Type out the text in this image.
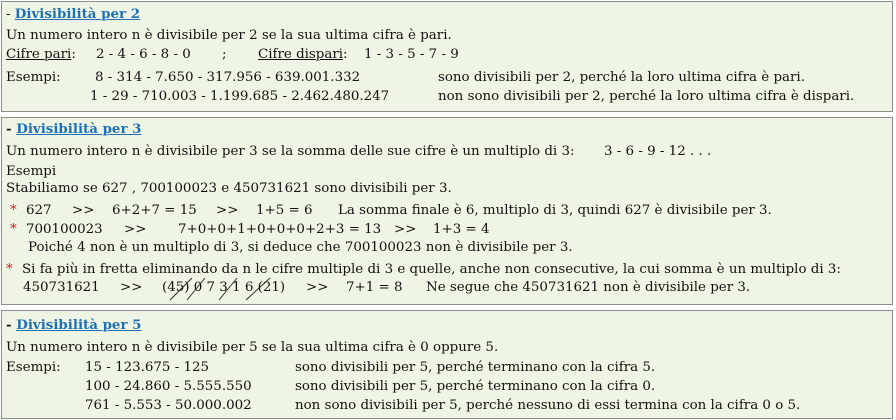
- Divisibilità per 2
Un numero intero n è divisibile per 2 se la sua ultima cifra è pari.
Cifre pari: 2 - 4 - 6 - 8 - 0 ; Cifre dispari: 1 - 3 - 5 - 7 - 9
Esempi:	8 - 314 - 7.650 - 317.956 - 639.001.332	sono divisibili per 2, perché la loro ultima cifra è pari.
1 - 29 - 710.003 - 1.199.685 - 2.462.480.247	non sono divisibili per 2, perché la loro ultima cifra è dispari.
- Divisibilità per 3
Un numero intero n è divisibile per 3 se la somma delle sue cifre è un multiplo di 3: 3 - 6 - 9 - 12 . . .
Esempi
Stabiliamo se 627 , 700100023 e 450731621 sono divisibili per 3.
* 627 >> 6+2+7 = 15 >> 1+5 = 6 La somma finale è 6, multiplo di 3, quindi 627 è divisibile per 3.
* 700100023 >> 7+0+0+1+0+0+0+2+3 = 13 >> 1+3 = 4
Poiché 4 non è un multiplo di 3, si deduce che 700100023 non è divisibile per 3.
* Si fa più in fretta eliminando da n le cifre multiple di 3 e quelle, anche non consecutive, la cui somma è un multiplo di 3:
450731621 >> (45) 0 7 3 1 6 (21) >> 7+1 = 8 Ne segue che 450731621 non è divisibile per 3.
- Divisibilità per 5
Un numero intero n è divisibile per 5 se la sua ultima cifra è 0 oppure 5.
Esempi: 15 - 123.675 - 125	sono divisibili per 5, perché terminano con la cifra 5.
100 - 24.860 - 5.555.550	sono divisibili per 5, perché terminano con la cifra 0.
761 - 5.553 - 50.000.002	non sono divisibili per 5, perché nessuno di essi termina con la cifra 0 o 5.
